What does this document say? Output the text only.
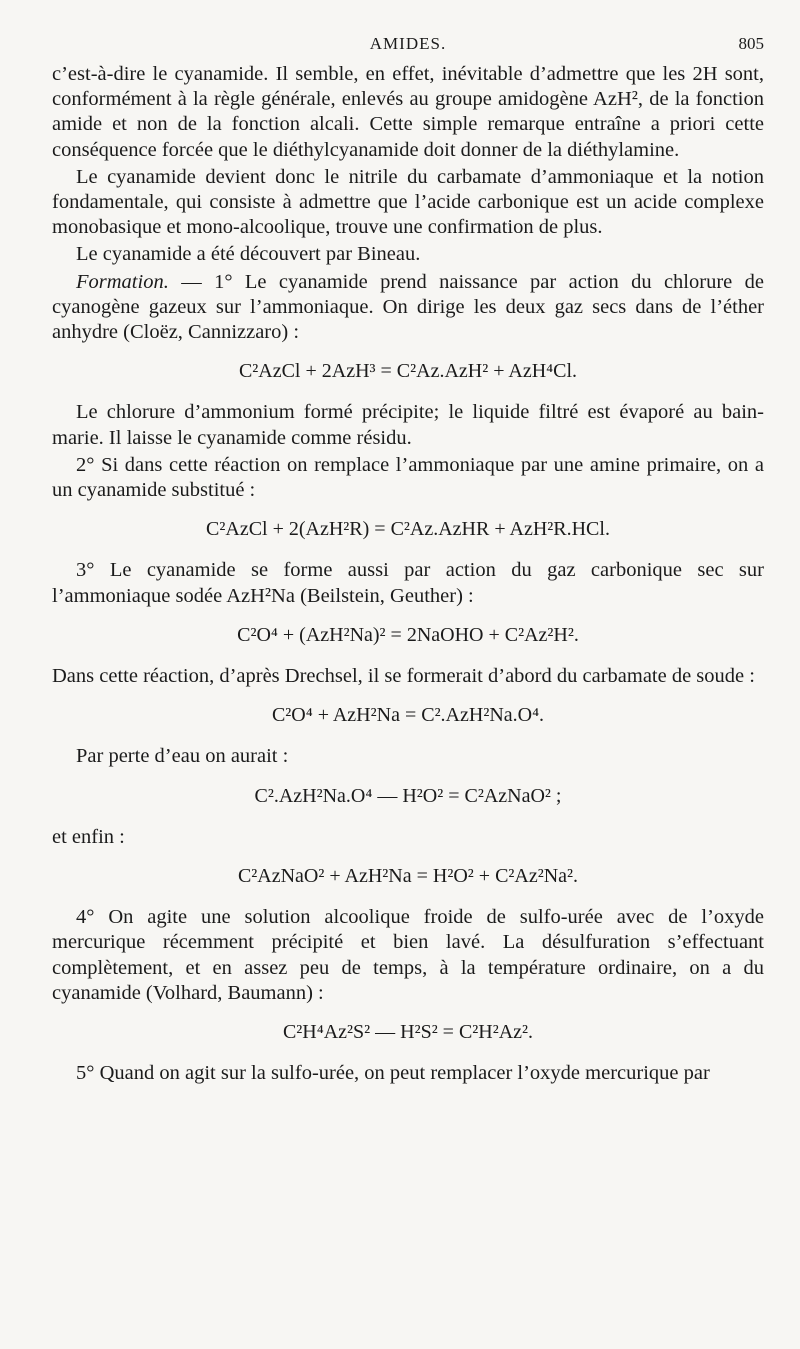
AMIDES.	805

c’est-à-dire le cyanamide. Il semble, en effet, inévitable d’admettre que les 2H sont, conformément à la règle générale, enlevés au groupe amidogène AzH², de la fonction amide et non de la fonction alcali. Cette simple remarque entraîne a priori cette conséquence forcée que le diéthylcyanamide doit donner de la diéthylamine.

Le cyanamide devient donc le nitrile du carbamate d’ammoniaque et la notion fondamentale, qui consiste à admettre que l’acide carbonique est un acide complexe monobasique et mono-alcoolique, trouve une confirmation de plus.

Le cyanamide a été découvert par Bineau.

Formation. — 1° Le cyanamide prend naissance par action du chlorure de cyanogène gazeux sur l’ammoniaque. On dirige les deux gaz secs dans de l’éther anhydre (Cloëz, Cannizzaro) :

C²AzCl + 2AzH³ = C²Az.AzH² + AzH⁴Cl.

Le chlorure d’ammonium formé précipite; le liquide filtré est évaporé au bain-marie. Il laisse le cyanamide comme résidu.

2° Si dans cette réaction on remplace l’ammoniaque par une amine primaire, on a un cyanamide substitué :

C²AzCl + 2(AzH²R) = C²Az.AzHR + AzH²R.HCl.

3° Le cyanamide se forme aussi par action du gaz carbonique sec sur l’ammoniaque sodée AzH²Na (Beilstein, Geuther) :

C²O⁴ + (AzH²Na)² = 2NaOHO + C²Az²H².

Dans cette réaction, d’après Drechsel, il se formerait d’abord du carbamate de soude :

C²O⁴ + AzH²Na = C².AzH²Na.O⁴.

Par perte d’eau on aurait :

C².AzH²Na.O⁴ — H²O² = C²AzNaO² ;

et enfin :

C²AzNaO² + AzH²Na = H²O² + C²Az²Na².

4° On agite une solution alcoolique froide de sulfo-urée avec de l’oxyde mercurique récemment précipité et bien lavé. La désulfuration s’effectuant complètement, et en assez peu de temps, à la température ordinaire, on a du cyanamide (Volhard, Baumann) :

C²H⁴Az²S² — H²S² = C²H²Az².

5° Quand on agit sur la sulfo-urée, on peut remplacer l’oxyde mercurique par
